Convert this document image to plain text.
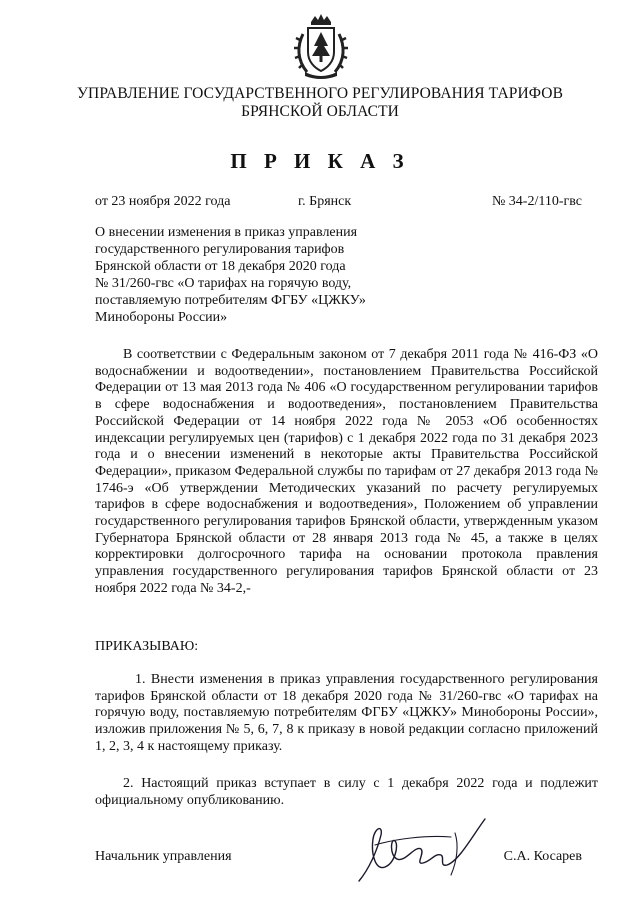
УПРАВЛЕНИЕ ГОСУДАРСТВЕННОГО РЕГУЛИРОВАНИЯ ТАРИФОВ
БРЯНСКОЙ ОБЛАСТИ
П Р И К А З
от 23 ноября 2022 года	г. Брянск	№ 34-2/110-гвс
О внесении изменения в приказ управления
государственного регулирования тарифов
Брянской области от 18 декабря 2020 года
№ 31/260-гвс «О тарифах на горячую воду,
поставляемую потребителям ФГБУ «ЦЖКУ»
Минобороны России»
В соответствии с Федеральным законом от 7 декабря 2011 года № 416-ФЗ «О водоснабжении и водоотведении», постановлением Правительства Российской Федерации от 13 мая 2013 года № 406 «О государственном регулировании тарифов в сфере водоснабжения и водоотведения», постановлением Правительства Российской Федерации от 14 ноября 2022 года № 2053 «Об особенностях индексации регулируемых цен (тарифов) с 1 декабря 2022 года по 31 декабря 2023 года и о внесении изменений в некоторые акты Правительства Российской Федерации», приказом Федеральной службы по тарифам от 27 декабря 2013 года № 1746-э «Об утверждении Методических указаний по расчету регулируемых тарифов в сфере водоснабжения и водоотведения», Положением об управлении государственного регулирования тарифов Брянской области, утвержденным указом Губернатора Брянской области от 28 января 2013 года № 45, а также в целях корректировки долгосрочного тарифа на основании протокола правления управления государственного регулирования тарифов Брянской области от 23 ноября 2022 года № 34-2,-
ПРИКАЗЫВАЮ:
1. Внести изменения в приказ управления государственного регулирования тарифов Брянской области от 18 декабря 2020 года № 31/260-гвс «О тарифах на горячую воду, поставляемую потребителям ФГБУ «ЦЖКУ» Минобороны России», изложив приложения № 5, 6, 7, 8 к приказу в новой редакции согласно приложений 1, 2, 3, 4 к настоящему приказу.
2. Настоящий приказ вступает в силу с 1 декабря 2022 года и подлежит официальному опубликованию.
Начальник управления	С.А. Косарев
